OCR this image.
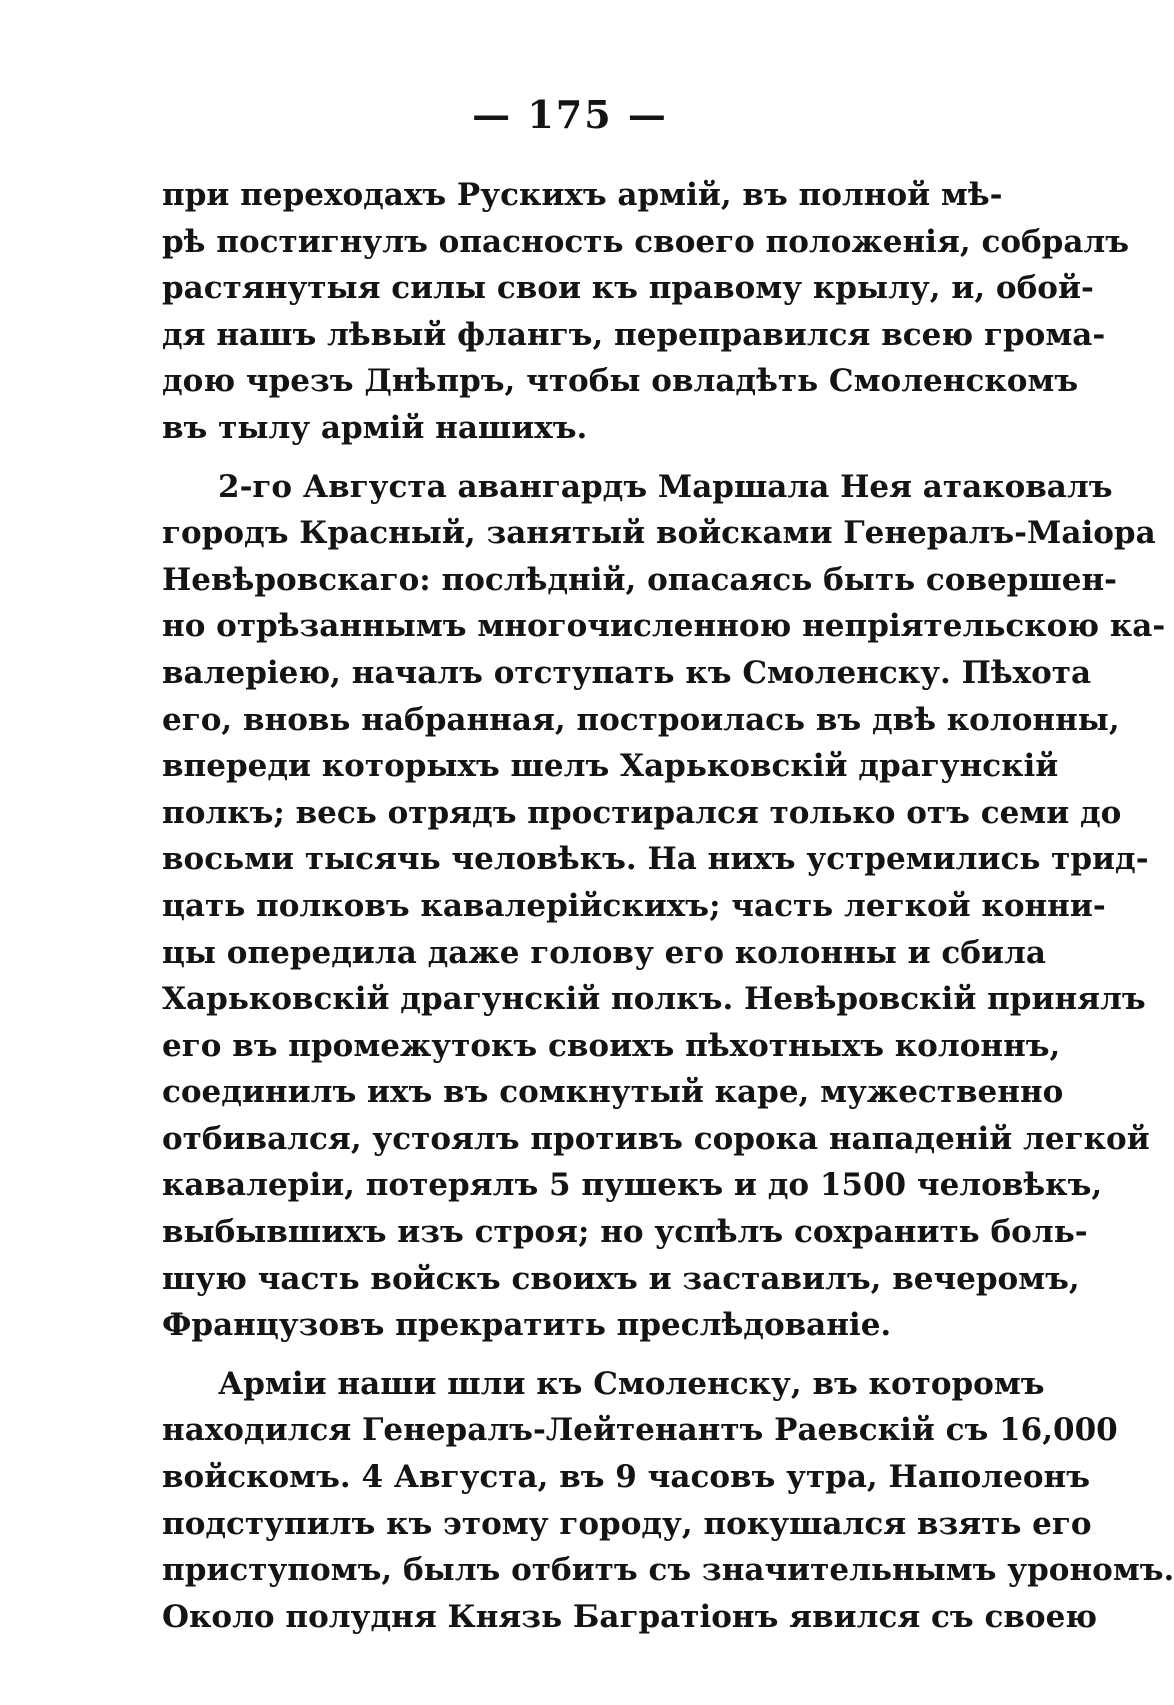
— 175 —
при переходахъ Рускихъ армій, въ полной мѣ-
рѣ постигнулъ опасность своего положенія, собралъ
растянутыя силы свои къ правому крылу, и, обой-
дя нашъ лѣвый флангъ, переправился всею грома-
дою чрезъ Днѣпръ, чтобы овладѣть Смоленскомъ
въ тылу армій нашихъ.
2-го Августа авангардъ Маршала Нея атаковалъ
городъ Красный, занятый войсками Генералъ-Маіора
Невѣровскаго: послѣдній, опасаясь быть совершен-
но отрѣзаннымъ многочисленною непріятельскою ка-
валеріею, началъ отступать къ Смоленску. Пѣхота
его, вновь набранная, построилась въ двѣ колонны,
впереди которыхъ шелъ Харьковскій драгунскій
полкъ; весь отрядъ простирался только отъ семи до
восьми тысячь человѣкъ. На нихъ устремились трид-
цать полковъ кавалерійскихъ; часть легкой конни-
цы опередила даже голову его колонны и сбила
Харьковскій драгунскій полкъ. Невѣровскій принялъ
его въ промежутокъ своихъ пѣхотныхъ колоннъ,
соединилъ ихъ въ сомкнутый каре, мужественно
отбивался, устоялъ противъ сорока нападеній легкой
кавалеріи, потерялъ 5 пушекъ и до 1500 человѣкъ,
выбывшихъ изъ строя; но успѣлъ сохранить боль-
шую часть войскъ своихъ и заставилъ, вечеромъ,
Французовъ прекратить преслѣдованіе.
Арміи наши шли къ Смоленску, въ которомъ
находился Генералъ-Лейтенантъ Раевскій съ 16,000
войскомъ. 4 Августа, въ 9 часовъ утра, Наполеонъ
подступилъ къ этому городу, покушался взять его
приступомъ, былъ отбитъ съ значительнымъ урономъ.
Около полудня Князь Багратіонъ явился съ своею
